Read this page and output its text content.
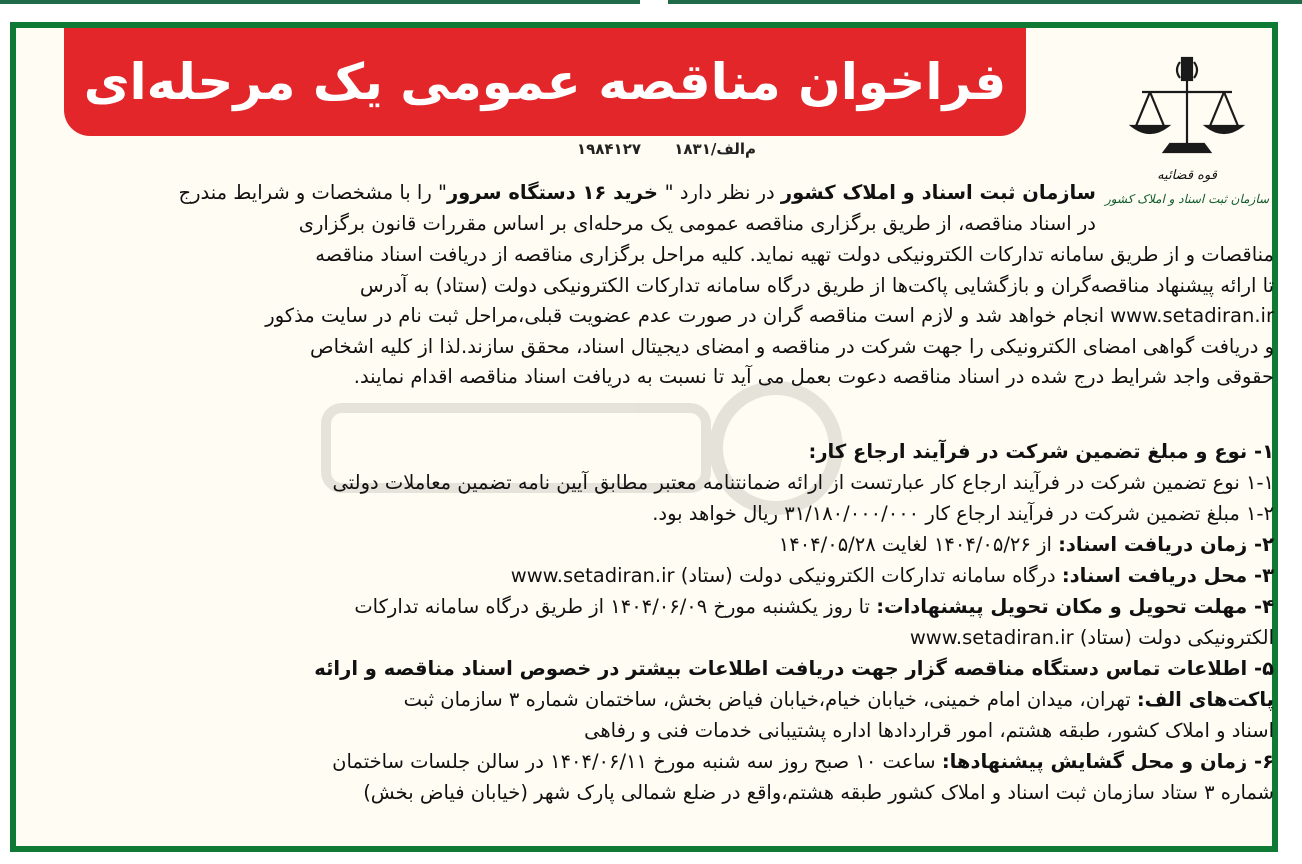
فراخوان مناقصه عمومی یک مرحله‌ای
م‌الف/۱۸۳۱ ۱۹۸۴۱۲۷
قوه قضائیه
سازمان ثبت اسناد و املاک کشور
سازمان ثبت اسناد و املاک کشور در نظر دارد " خرید ۱۶ دستگاه سرور" را با مشخصات و شرایط مندرج
در اسناد مناقصه، از طریق برگزاری مناقصه عمومی یک مرحله‌ای بر اساس مقررات قانون برگزاری
مناقصات و از طریق سامانه تدارکات الکترونیکی دولت تهیه نماید. کلیه مراحل برگزاری مناقصه از دریافت اسناد مناقصه
تا ارائه پیشنهاد مناقصه‌گران و بازگشایی پاکت‌ها از طریق درگاه سامانه تدارکات الکترونیکی دولت (ستاد) به آدرس
www.setadiran.ir انجام خواهد شد و لازم است مناقصه گران در صورت عدم عضویت قبلی،مراحل ثبت نام در سایت مذکور
و دریافت گواهی امضای الکترونیکی را جهت شرکت در مناقصه و امضای دیجیتال اسناد، محقق سازند.لذا از کلیه اشخاص
حقوقی واجد شرایط درج شده در اسناد مناقصه دعوت بعمل می آید تا نسبت به دریافت اسناد مناقصه اقدام نمایند.
۱- نوع و مبلغ تضمین شرکت در فرآیند ارجاع کار:
۱-۱ نوع تضمین شرکت در فرآیند ارجاع کار عبارتست از ارائه ضمانتنامه معتبر مطابق آیین نامه تضمین معاملات دولتی
۱-۲ مبلغ تضمین شرکت در فرآیند ارجاع کار ۳۱/۱۸۰/۰۰۰/۰۰۰ ریال خواهد بود.
۲- زمان دریافت اسناد: از ۱۴۰۴/۰۵/۲۶ لغایت ۱۴۰۴/۰۵/۲۸
۳- محل دریافت اسناد: درگاه سامانه تدارکات الکترونیکی دولت (ستاد) www.setadiran.ir
۴- مهلت تحویل و مکان تحویل پیشنهادات: تا روز یکشنبه مورخ ۱۴۰۴/۰۶/۰۹ از طریق درگاه سامانه تدارکات
الکترونیکی دولت (ستاد) www.setadiran.ir
۵- اطلاعات تماس دستگاه مناقصه گزار جهت دریافت اطلاعات بیشتر در خصوص اسناد مناقصه و ارائه
پاکت‌های الف: تهران، میدان امام خمینی، خیابان خیام،خیابان فیاض بخش، ساختمان شماره ۳ سازمان ثبت
اسناد و املاک کشور، طبقه هشتم، امور قراردادها اداره پشتیبانی خدمات فنی و رفاهی
۶- زمان و محل گشایش پیشنهادها: ساعت ۱۰ صبح روز سه شنبه مورخ ۱۴۰۴/۰۶/۱۱ در سالن جلسات ساختمان
شماره ۳ ستاد سازمان ثبت اسناد و املاک کشور طبقه هشتم،واقع در ضلع شمالی پارک شهر (خیابان فیاض بخش)
